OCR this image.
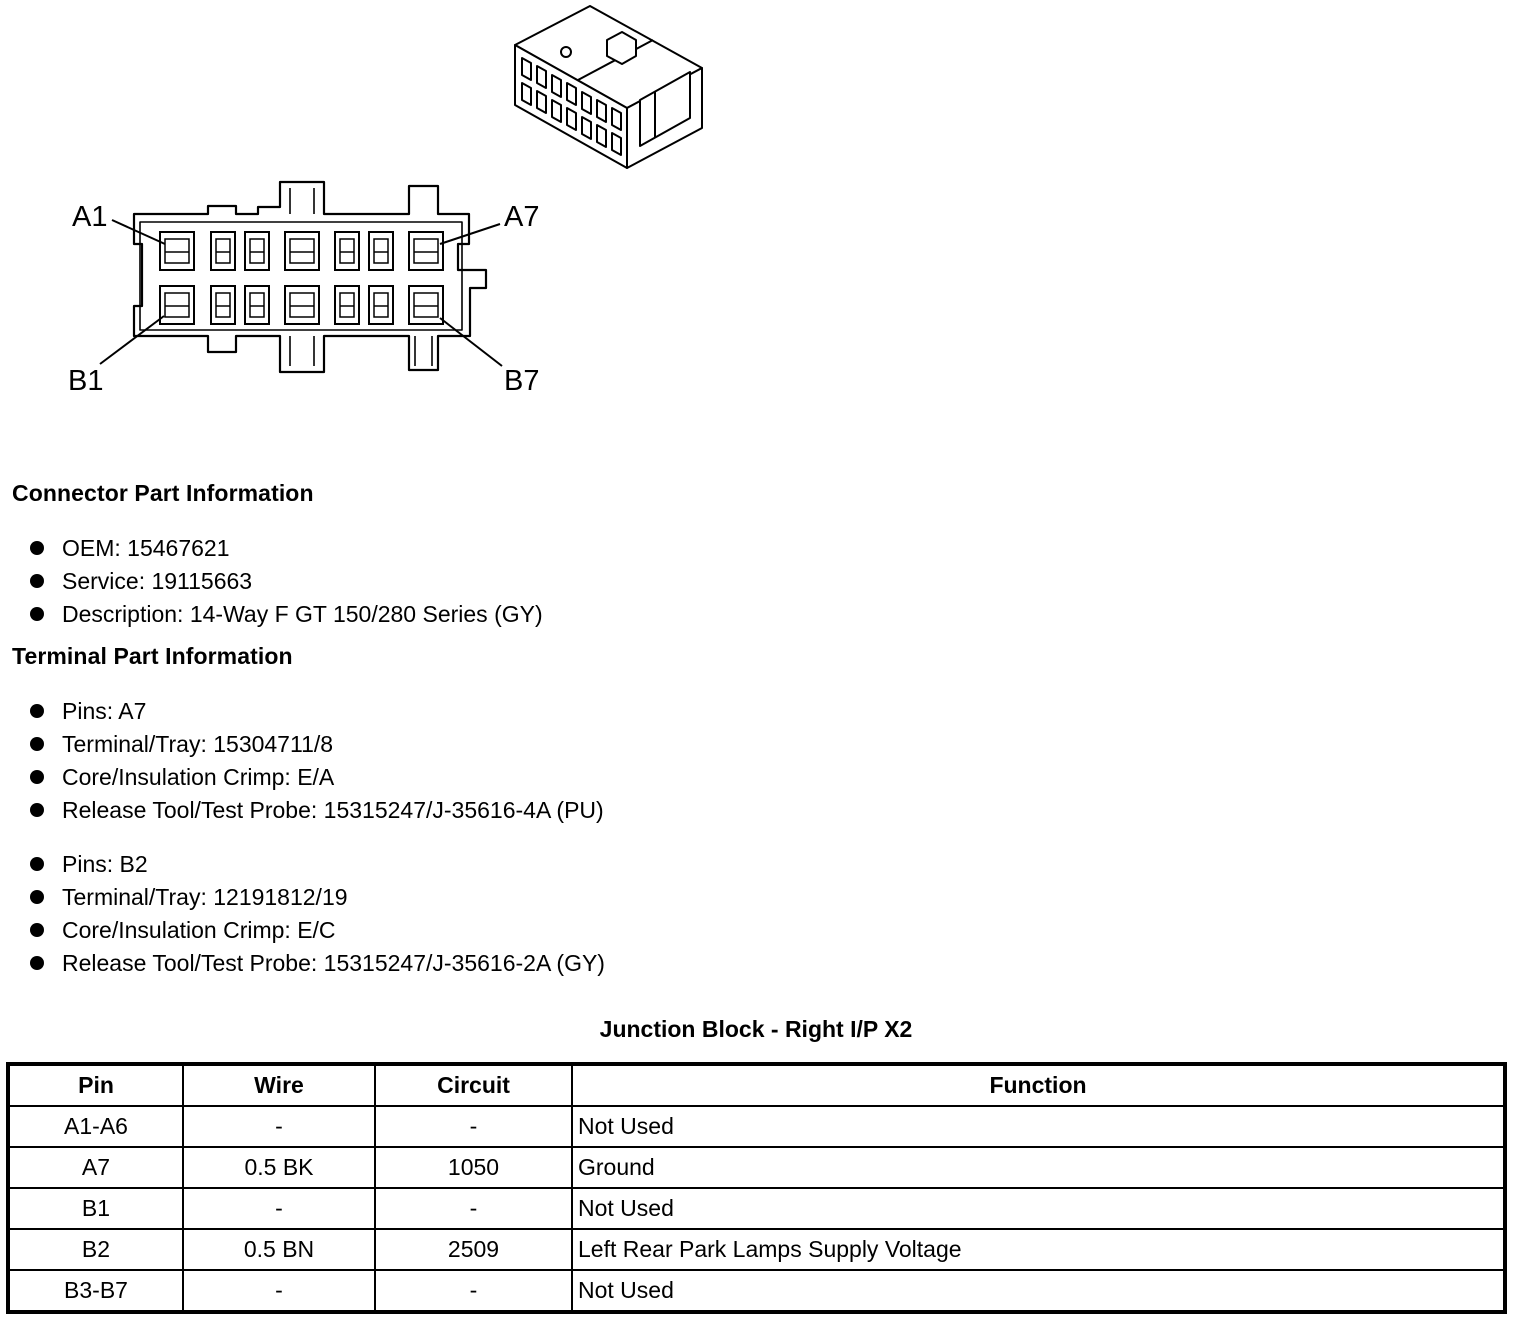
A1	A7
B1	B7
Connector Part Information
OEM: 15467621
Service: 19115663
Description: 14-Way F GT 150/280 Series (GY)
Terminal Part Information
Pins: A7
Terminal/Tray: 15304711/8
Core/Insulation Crimp: E/A
Release Tool/Test Probe: 15315247/J-35616-4A (PU)
Pins: B2
Terminal/Tray: 12191812/19
Core/Insulation Crimp: E/C
Release Tool/Test Probe: 15315247/J-35616-2A (GY)
Junction Block - Right I/P X2
Pin	Wire	Circuit	Function
A1-A6	-	-	Not Used
A7	0.5 BK	1050	Ground
B1	-	-	Not Used
B2	0.5 BN	2509	Left Rear Park Lamps Supply Voltage
B3-B7	-	-	Not Used
